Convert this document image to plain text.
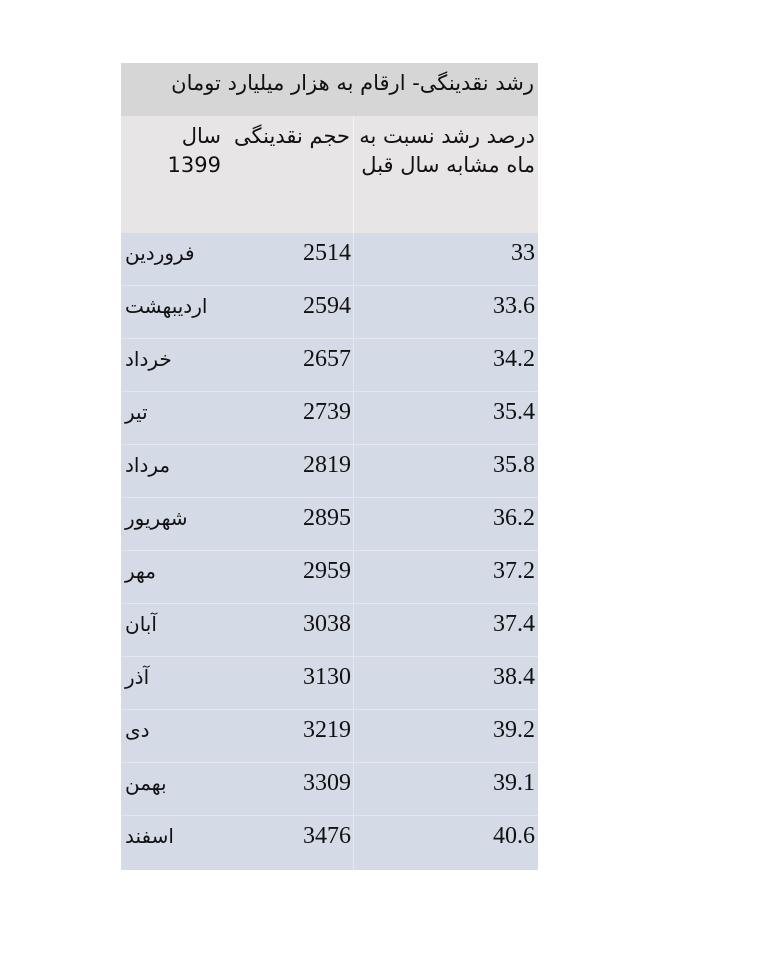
رشد نقدینگی- ارقام به هزار میلیارد تومان
درصد رشد نسبت به ماه مشابه سال قبل
حجم نقدینگی
سال 1399
33
2514
فروردین
33.6
2594
اردیبهشت
34.2
2657
خرداد
35.4
2739
تیر
35.8
2819
مرداد
36.2
2895
شهریور
37.2
2959
مهر
37.4
3038
آبان
38.4
3130
آذر
39.2
3219
دی
39.1
3309
بهمن
40.6
3476
اسفند
